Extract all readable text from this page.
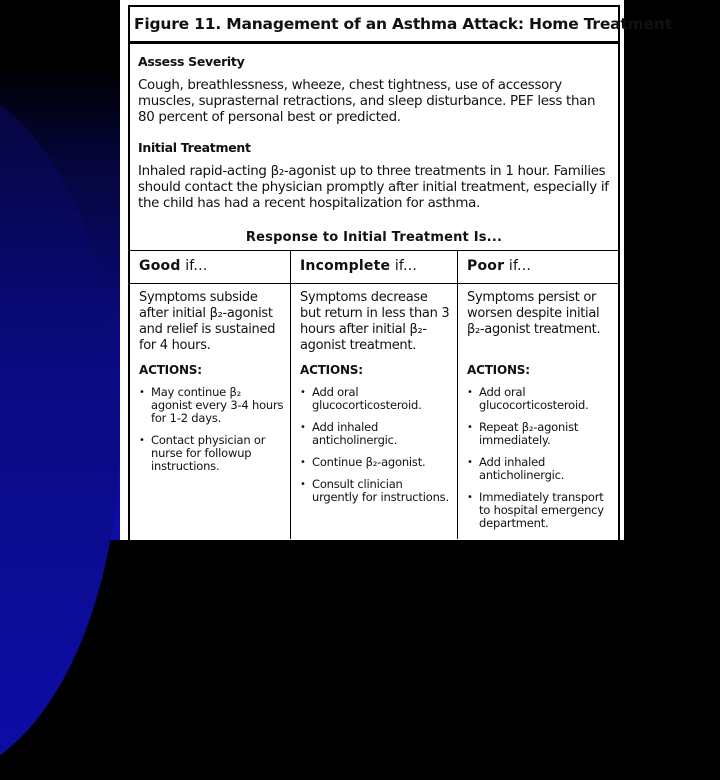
Figure 11. Management of an Asthma Attack: Home Treatment
Assess Severity
Cough, breathlessness, wheeze, chest tightness, use of accessory muscles, suprasternal retractions, and sleep disturbance. PEF less than 80 percent of personal best or predicted.
Initial Treatment
Inhaled rapid-acting β₂-agonist up to three treatments in 1 hour. Families should contact the physician promptly after initial treatment, especially if the child has had a recent hospitalization for asthma.
Response to Initial Treatment Is...
Good if...
Symptoms subside after initial β₂-agonist and relief is sustained for 4 hours.
ACTIONS:
• May continue β₂ agonist every 3-4 hours for 1-2 days.
• Contact physician or nurse for followup instructions.
Incomplete if...
Symptoms decrease but return in less than 3 hours after initial β₂-agonist treatment.
ACTIONS:
• Add oral glucocorticosteroid.
• Add inhaled anticholinergic.
• Continue β₂-agonist.
• Consult clinician urgently for instructions.
Poor if...
Symptoms persist or worsen despite initial β₂-agonist treatment.
ACTIONS:
• Add oral glucocorticosteroid.
• Repeat β₂-agonist immediately.
• Add inhaled anticholinergic.
• Immediately transport to hospital emergency department.
